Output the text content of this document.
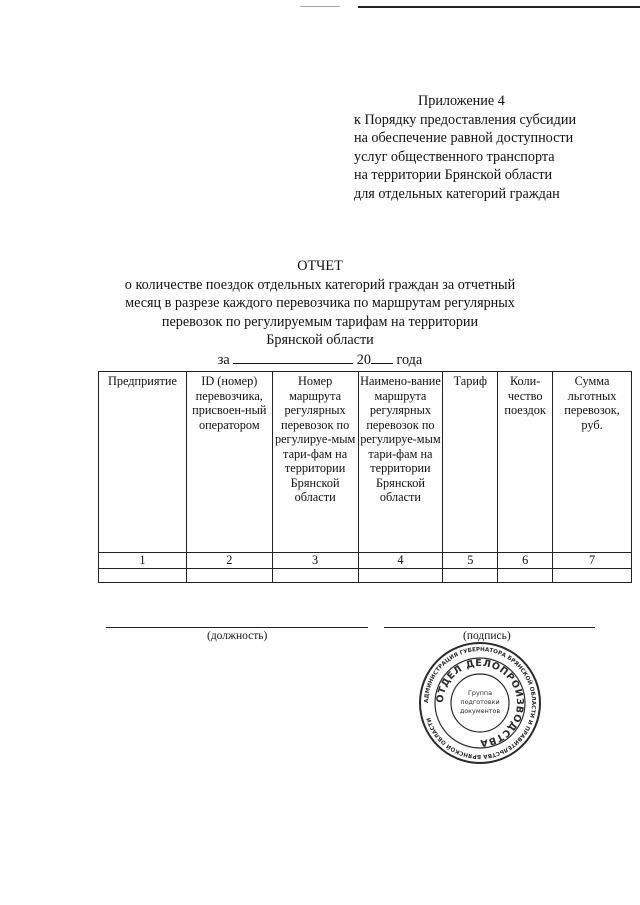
Приложение 4
к Порядку предоставления субсидии
на обеспечение равной доступности
услуг общественного транспорта
на территории Брянской области
для отдельных категорий граждан
ОТЧЕТ
о количестве поездок отдельных категорий граждан за отчетный
месяц в разрезе каждого перевозчика по маршрутам регулярных
перевозок по регулируемым тарифам на территории
Брянской области
за	20 года
Предприятие	ID (номер) перевозчика, присвоен-ный оператором	Номер маршрута регулярных перевозок по регулируе-мым тари-фам на территории Брянской области	Наимено-вание маршрута регулярных перевозок по регулируе-мым тари-фам на территории Брянской области	Тариф	Коли-чество поездок	Сумма льготных перевозок, руб.
1	2	3	4	5	6	7

(должность)	(подпись)
АДМИНИСТРАЦИЯ ГУБЕРНАТОРА БРЯНСКОЙ ОБЛАСТИ И ПРАВИТЕЛЬСТВА БРЯНСКОЙ ОБЛАСТИ
ОТДЕЛ ДЕЛОПРОИЗВОДСТВА
Группа
подготовки
документов
